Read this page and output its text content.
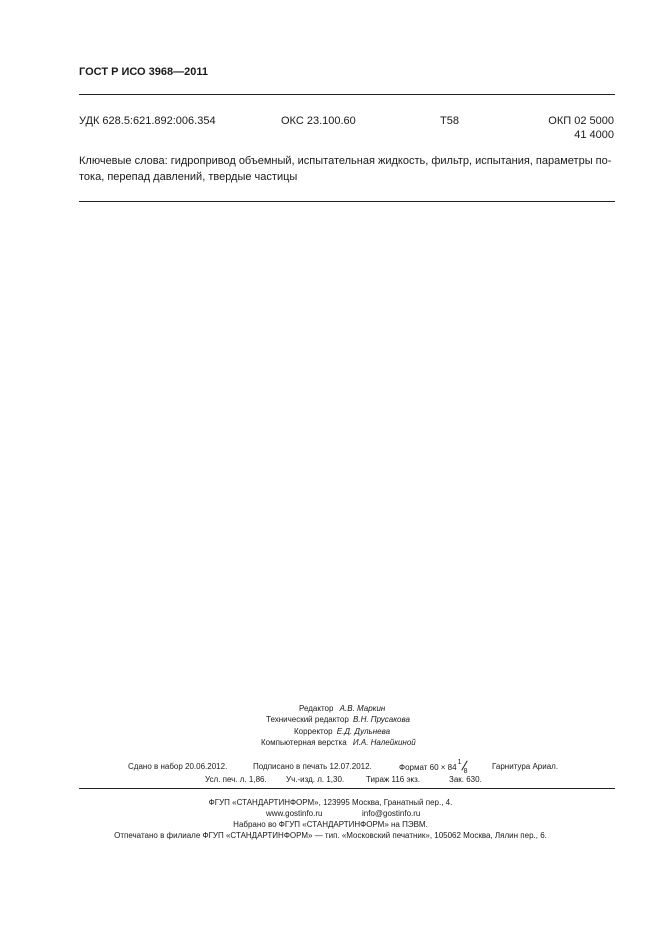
ГОСТ Р ИСО 3968—2011
УДК 628.5:621.892:006.354	ОКС 23.100.60	Т58	ОКП 02 5000
41 4000
Ключевые слова: гидропривод объемный, испытательная жидкость, фильтр, испытания, параметры по-
тока, перепад давлений, твердые частицы
Редактор А.В. Маркин
Технический редактор В.Н. Прусакова
Корректор Е.Д. Дульнева
Компьютерная верстка И.А. Налейкиной
Сдано в набор 20.06.2012.	Подписано в печать 12.07.2012.	Формат 60 × 84
1
8
Гарнитура Ариал.
Усл. печ. л. 1,86. Уч.-изд. л. 1,30.	Тираж 116 экз.	Зак. 630.
ФГУП «СТАНДАРТИНФОРМ», 123995 Москва, Гранатный пер., 4.
www.gostinfo.ru	info@gostinfo.ru
Набрано во ФГУП «СТАНДАРТИНФОРМ» на ПЭВМ.
Отпечатано в филиале ФГУП «СТАНДАРТИНФОРМ» — тип. «Московский печатник», 105062 Москва, Лялин пер., 6.
